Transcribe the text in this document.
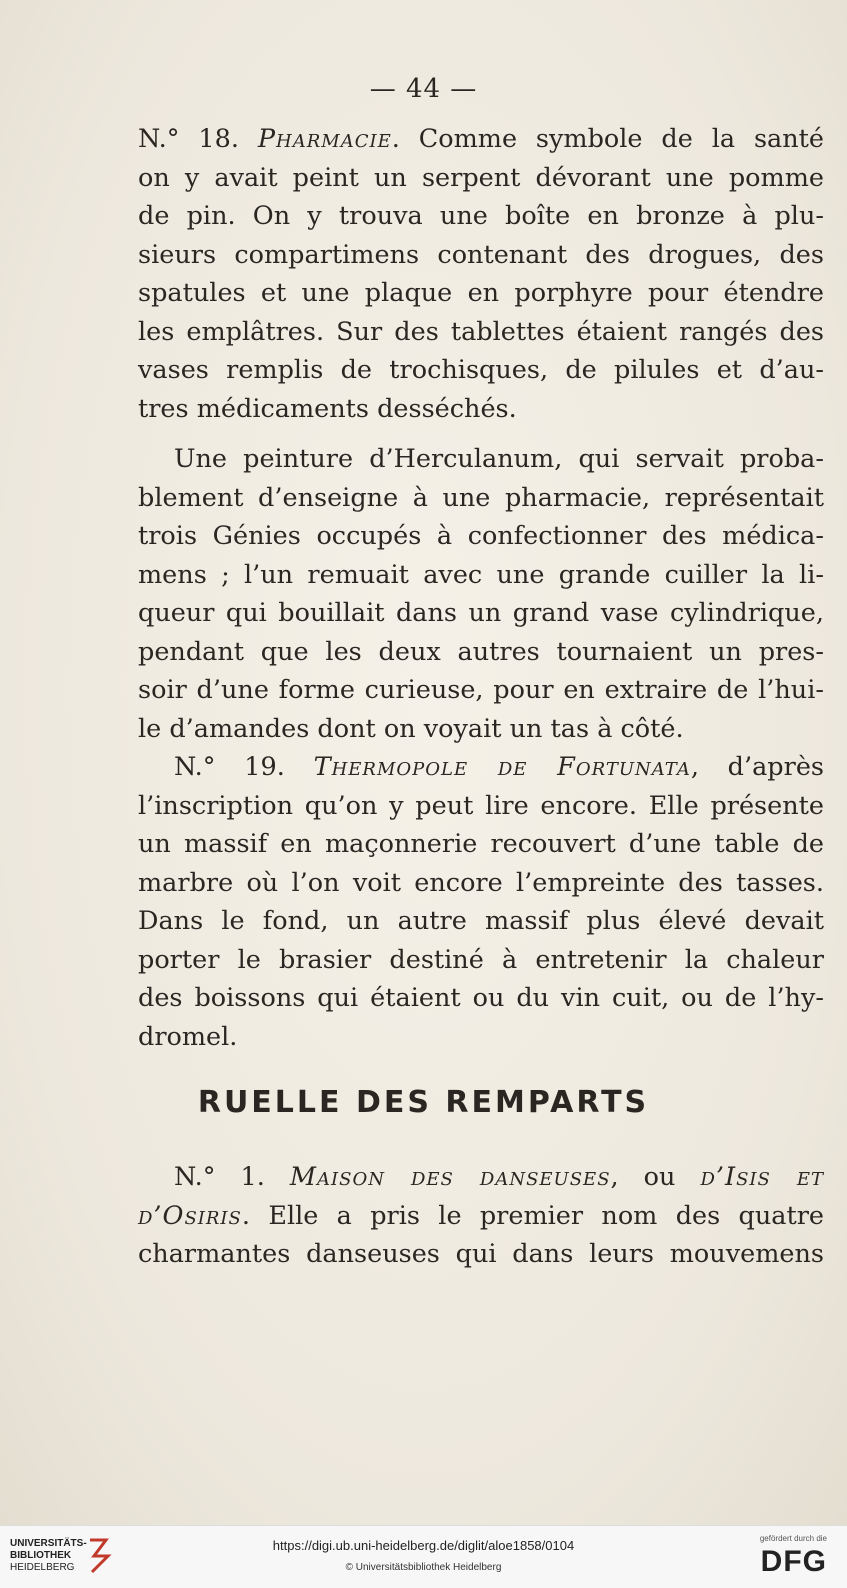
— 44 —
N.° 18. Pharmacie. Comme symbole de la santé
on y avait peint un serpent dévorant une pomme
de pin. On y trouva une boîte en bronze à plu-
sieurs compartimens contenant des drogues, des
spatules et une plaque en porphyre pour étendre
les emplâtres. Sur des tablettes étaient rangés des
vases remplis de trochisques, de pilules et d’au-
tres médicaments desséchés.
Une peinture d’Herculanum, qui servait proba-
blement d’enseigne à une pharmacie, représentait
trois Génies occupés à confectionner des médica-
mens ; l’un remuait avec une grande cuiller la li-
queur qui bouillait dans un grand vase cylindrique,
pendant que les deux autres tournaient un pres-
soir d’une forme curieuse, pour en extraire de l’hui-
le d’amandes dont on voyait un tas à côté.
N.° 19. Thermopole de Fortunata, d’après
l’inscription qu’on y peut lire encore. Elle présente
un massif en maçonnerie recouvert d’une table de
marbre où l’on voit encore l’empreinte des tasses.
Dans le fond, un autre massif plus élevé devait
porter le brasier destiné à entretenir la chaleur
des boissons qui étaient ou du vin cuit, ou de l’hy-
dromel.
RUELLE DES REMPARTS
N.° 1. Maison des danseuses, ou d’Isis et
d’Osiris. Elle a pris le premier nom des quatre
charmantes danseuses qui dans leurs mouvemens
UNIVERSITÄTS-
BIBLIOTHEK
HEIDELBERG
https://digi.ub.uni-heidelberg.de/diglit/aloe1858/0104
© Universitätsbibliothek Heidelberg
gefördert durch die
DFG
